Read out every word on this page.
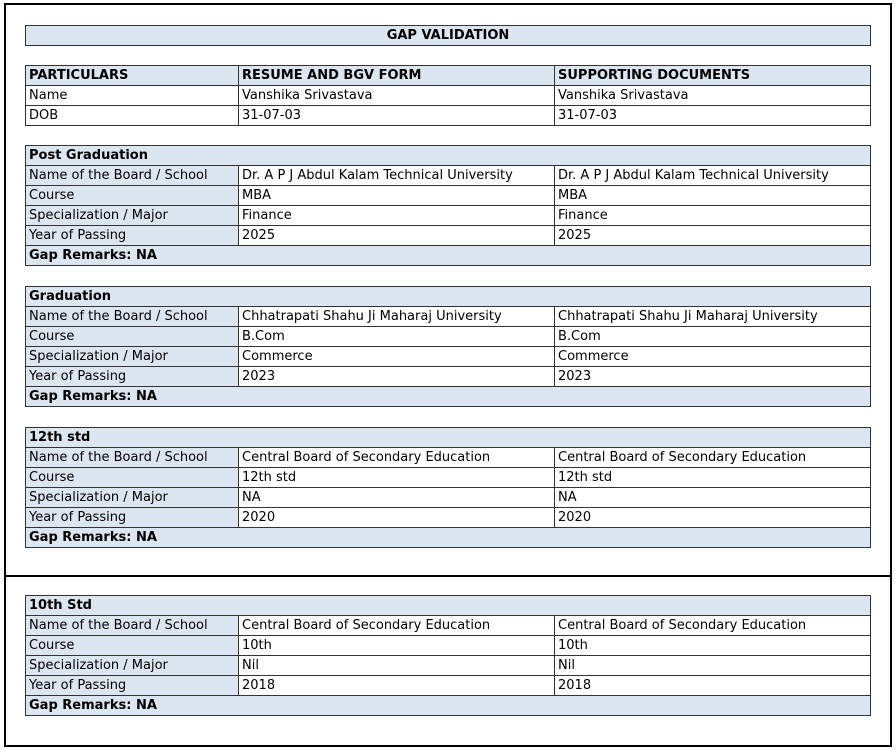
GAP VALIDATION
PARTICULARS	RESUME AND BGV FORM	SUPPORTING DOCUMENTS
Name	Vanshika Srivastava	Vanshika Srivastava
DOB	31-07-03	31-07-03
Post Graduation		
Name of the Board / School	Dr. A P J Abdul Kalam Technical University	Dr. A P J Abdul Kalam Technical University
Course	MBA	MBA
Specialization / Major	Finance	Finance
Year of Passing	2025	2025
Gap Remarks: NA		
Graduation		
Name of the Board / School	Chhatrapati Shahu Ji Maharaj University	Chhatrapati Shahu Ji Maharaj University
Course	B.Com	B.Com
Specialization / Major	Commerce	Commerce
Year of Passing	2023	2023
Gap Remarks: NA		
12th std		
Name of the Board / School	Central Board of Secondary Education	Central Board of Secondary Education
Course	12th std	12th std
Specialization / Major	NA	NA
Year of Passing	2020	2020
Gap Remarks: NA		
10th Std		
Name of the Board / School	Central Board of Secondary Education	Central Board of Secondary Education
Course	10th	10th
Specialization / Major	Nil	Nil
Year of Passing	2018	2018
Gap Remarks: NA		
